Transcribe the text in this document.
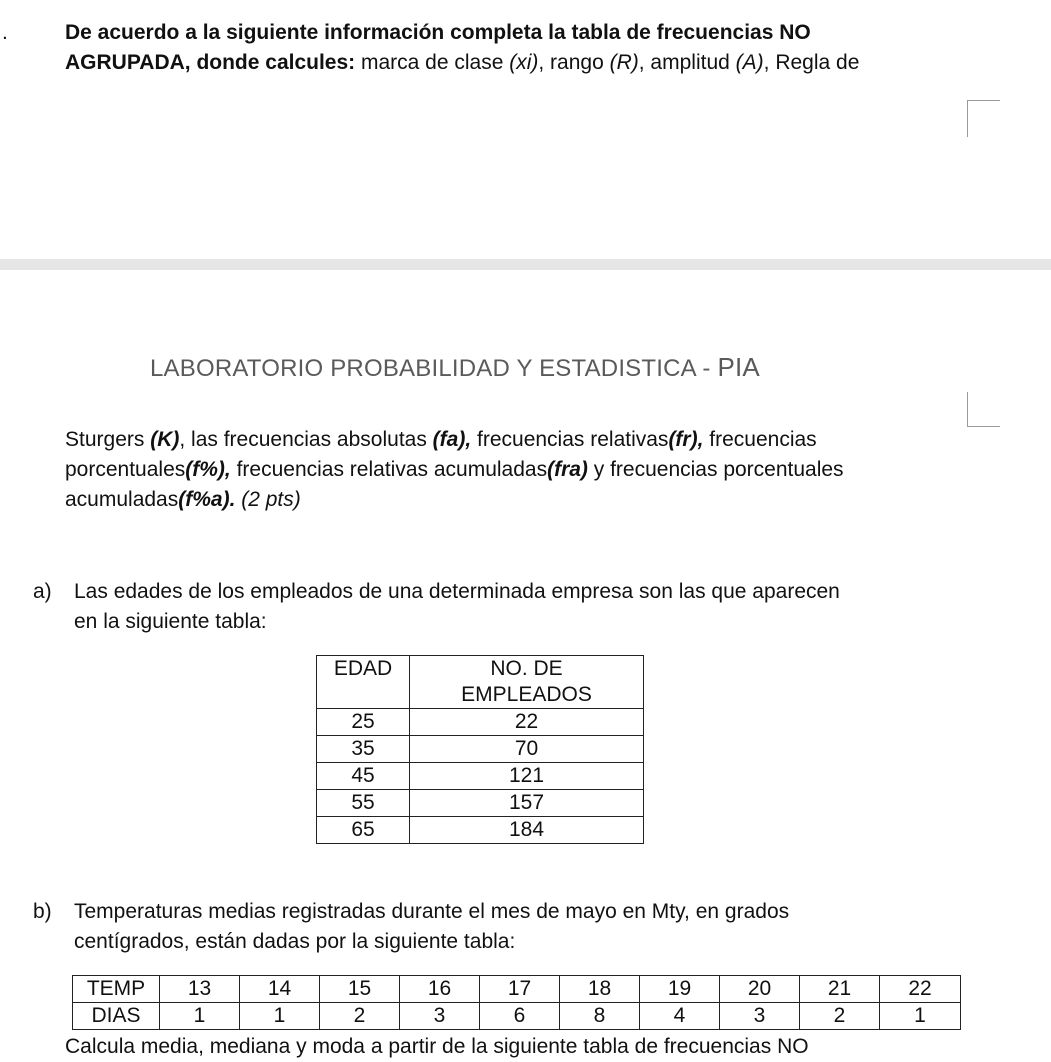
.	De acuerdo a la siguiente información completa la tabla de frecuencias NO
AGRUPADA, donde calcules: marca de clase (xi), rango (R), amplitud (A), Regla de
LABORATORIO PROBABILIDAD Y ESTADISTICA - PIA
Sturgers (K), las frecuencias absolutas (fa), frecuencias relativas(fr), frecuencias
porcentuales(f%), frecuencias relativas acumuladas(fra) y frecuencias porcentuales
acumuladas(f%a). (2 pts)
a) Las edades de los empleados de una determinada empresa son las que aparecen
en la siguiente tabla:
EDAD	NO. DE
EMPLEADOS
25	22
35	70
45	121
55	157
65	184
b) Temperaturas medias registradas durante el mes de mayo en Mty, en grados
centígrados, están dadas por la siguiente tabla:
TEMP	13	14	15	16	17	18	19	20	21	22
DIAS	1	1	2	3	6	8	4	3	2	1
Calcula media, mediana y moda a partir de la siguiente tabla de frecuencias NO
